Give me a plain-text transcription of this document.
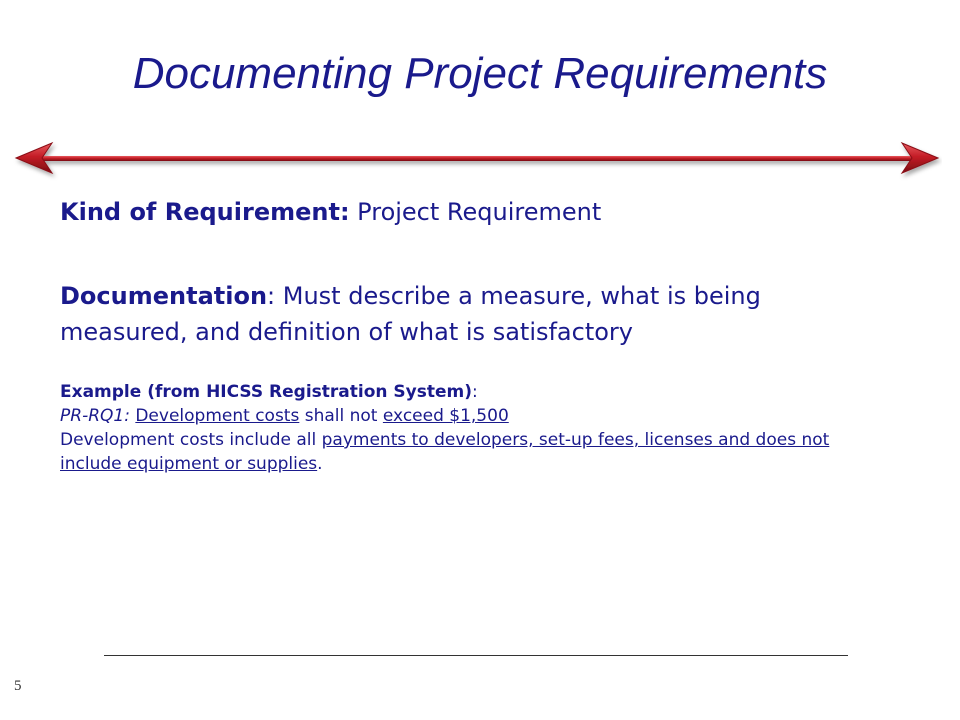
Documenting Project Requirements

Kind of Requirement: Project Requirement

Documentation: Must describe a measure, what is being measured, and definition of what is satisfactory

Example (from HICSS Registration System):

PR-RQ1: Development costs shall not exceed $1,500

Development costs include all payments to developers, set-up fees, licenses and does not include equipment or supplies.

5
